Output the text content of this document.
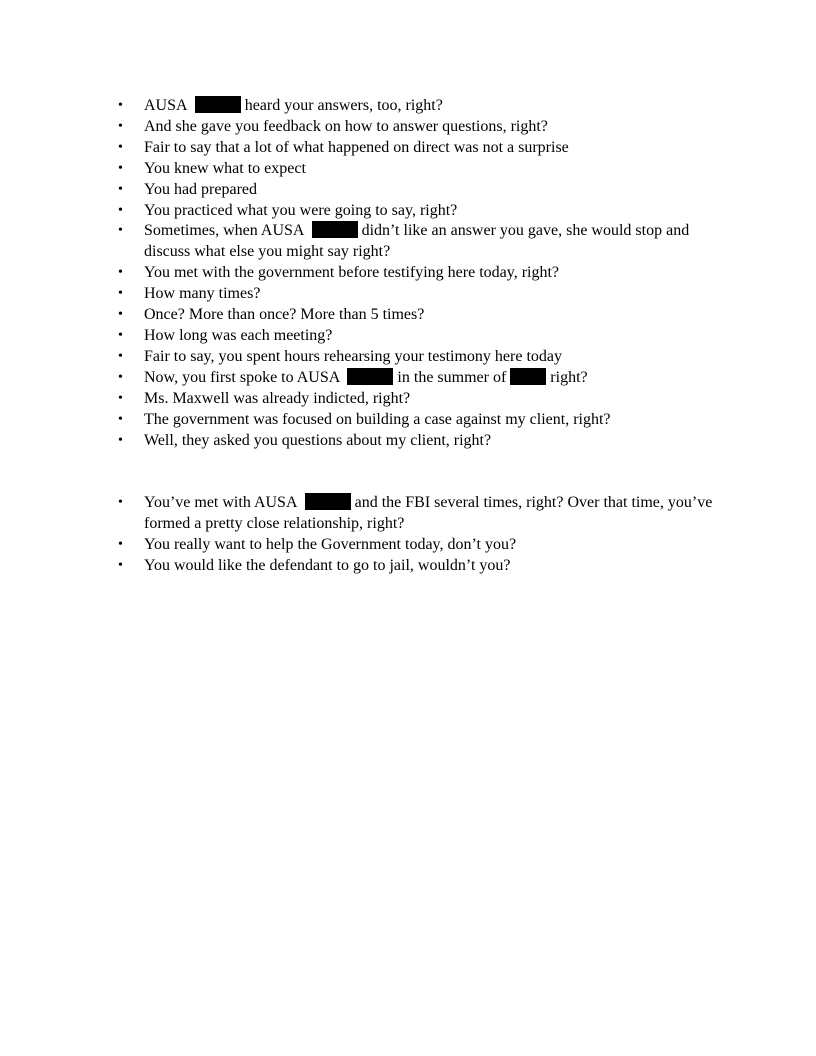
•	AUSA	heard your answers, too, right?
•	And she gave you feedback on how to answer questions, right?
•	Fair to say that a lot of what happened on direct was not a surprise
•	You knew what to expect
•	You had prepared
•	You practiced what you were going to say, right?
•	Sometimes, when AUSA	didn’t like an answer you gave, she would stop and discuss what else you might say right?
•	You met with the government before testifying here today, right?
•	How many times?
•	Once? More than once? More than 5 times?
•	How long was each meeting?
•	Fair to say, you spent hours rehearsing your testimony here today
•	Now, you first spoke to AUSA	in the summer of	right?
•	Ms. Maxwell was already indicted, right?
•	The government was focused on building a case against my client, right?
•	Well, they asked you questions about my client, right?
•	You’ve met with AUSA	and the FBI several times, right? Over that time, you’ve formed a pretty close relationship, right?
•	You really want to help the Government today, don’t you?
•	You would like the defendant to go to jail, wouldn’t you?
